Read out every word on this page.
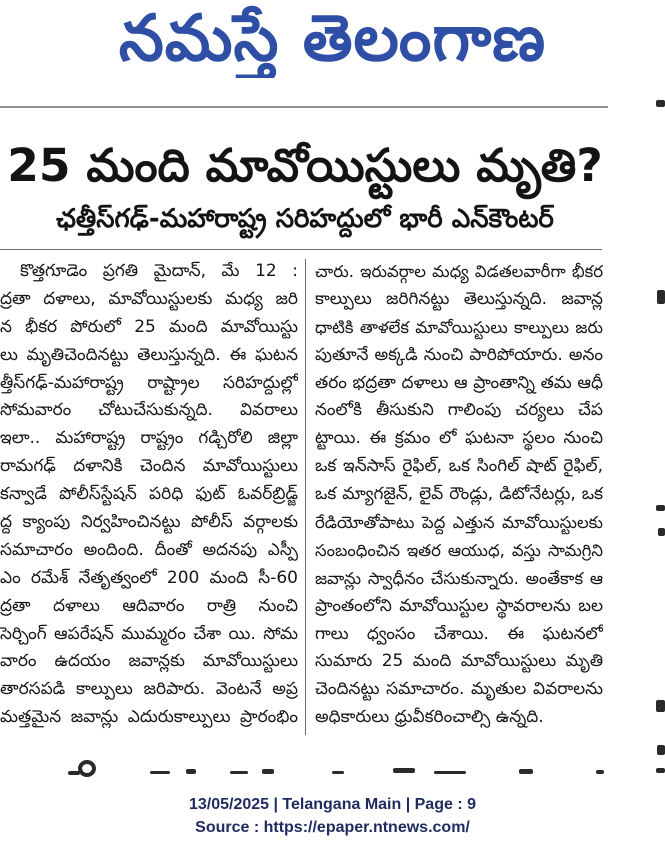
నమస్తే తెలంగాణ
25 మంది మావోయిస్టులు మృతి?
ఛత్తీస్‌గఢ్-మహారాష్ట్ర సరిహద్దులో భారీ ఎన్‌కౌంటర్
కొత్తగూడెం ప్రగతి మైదాన్, మే 12 :
ద్రతా దళాలు, మావోయిస్టులకు మధ్య జరి
న భీకర పోరులో 25 మంది మావోయిస్టు
లు మృతిచెందినట్టు తెలుస్తున్నది. ఈ ఘటన
త్తీస్‌గఢ్-మహారాష్ట్ర రాష్ట్రాల సరిహద్దుల్లో
సోమవారం చోటుచేసుకున్నది. వివరాలు
ఇలా.. మహారాష్ట్ర రాష్ట్రం గడ్చిరోలి జిల్లా
రామగఢ్ దళానికి చెందిన మావోయిస్టులు
కన్వాడే పోలీస్‌స్టేషన్ పరిధి ఫుట్ ఓవర్‌బ్రిడ్జ్
ద్ద క్యాంపు నిర్వహించినట్టు పోలీస్ వర్గాలకు
సమాచారం అందింది. దీంతో అదనపు ఎస్పీ
ఎం రమేశ్ నేతృత్వంలో 200 మంది సీ-60
ద్రతా దళాలు ఆదివారం రాత్రి నుంచి
సెర్చింగ్ ఆపరేషన్ ముమ్మరం చేశా యి. సోమ
వారం ఉదయం జవాన్లకు మావోయిస్టులు
తారసపడి కాల్పులు జరిపారు. వెంటనే అప్ర
మత్తమైన జవాన్లు ఎదురుకాల్పులు ప్రారంభిం
చారు. ఇరువర్గాల మధ్య విడతలవారీగా భీకర
కాల్పులు జరిగినట్టు తెలుస్తున్నది. జవాన్ల
ధాటికి తాళలేక మావోయిస్టులు కాల్పులు జరు
పుతూనే అక్కడి నుంచి పారిపోయారు. అనం
తరం భద్రతా దళాలు ఆ ప్రాంతాన్ని తమ ఆధీ
నంలోకి తీసుకుని గాలింపు చర్యలు చేప
ట్టాయి. ఈ క్రమం లో ఘటనా స్థలం నుంచి
ఒక ఇన్‌సాస్ రైఫిల్, ఒక సింగిల్ షాట్ రైఫిల్,
ఒక మ్యాగజైన్, లైవ్ రౌండ్లు, డిటోనేటర్లు, ఒక
రేడియోతోపాటు పెద్ద ఎత్తున మావోయిస్టులకు
సంబంధించిన ఇతర ఆయుధ, వస్తు సామగ్రిని
జవాన్లు స్వాధీనం చేసుకున్నారు. అంతేకాక ఆ
ప్రాంతంలోని మావోయిస్టుల స్థావరాలను బల
గాలు ధ్వంసం చేశాయి. ఈ ఘటనలో
సుమారు 25 మంది మావోయిస్టులు మృతి
చెందినట్టు సమాచారం. మృతుల వివరాలను
అధికారులు ధ్రువీకరించాల్సి ఉన్నది.
13/05/2025 | Telangana Main | Page : 9
Source : https://epaper.ntnews.com/
